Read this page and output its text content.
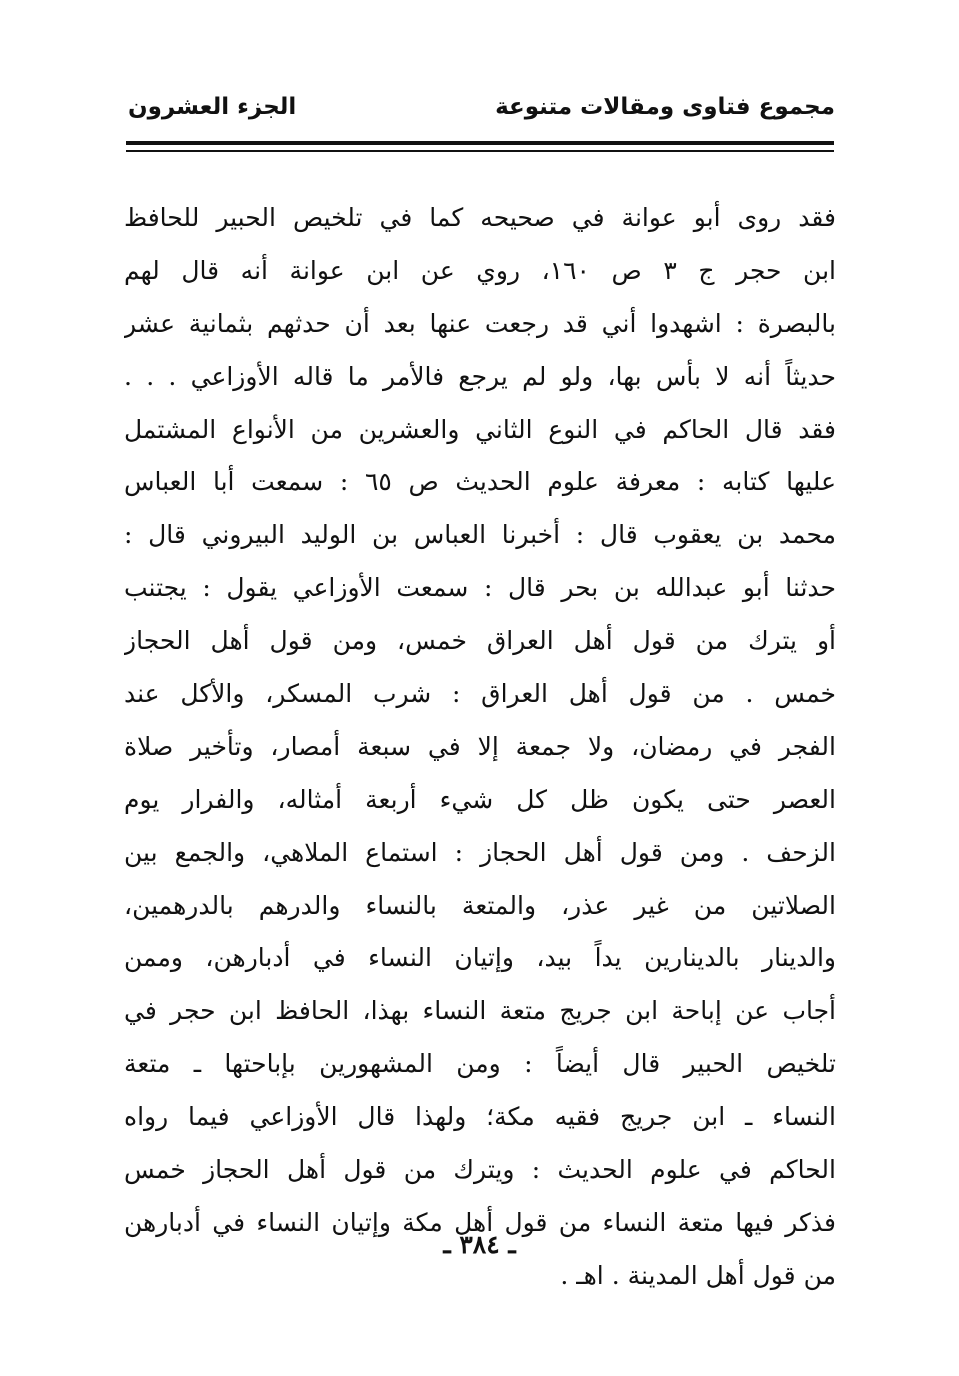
مجموع فتاوى ومقالات متنوعة
الجزء العشرون
فقد روى أبو عوانة في صحيحه كما في تلخيص الحبير للحافظ
ابن حجر ج ٣ ص ١٦٠، روي عن ابن عوانة أنه قال لهم
بالبصرة : اشهدوا أني قد رجعت عنها بعد أن حدثهم بثمانية عشر
حديثاً أنه لا بأس بها، ولو لم يرجع فالأمر ما قاله الأوزاعي . . .
فقد قال الحاكم في النوع الثاني والعشرين من الأنواع المشتمل
عليها كتابه : معرفة علوم الحديث ص ٦٥ : سمعت أبا العباس
محمد بن يعقوب قال : أخبرنا العباس بن الوليد البيروني قال :
حدثنا أبو عبدالله بن بحر قال : سمعت الأوزاعي يقول : يجتنب
أو يترك من قول أهل العراق خمس، ومن قول أهل الحجاز
خمس . من قول أهل العراق : شرب المسكر، والأكل عند
الفجر في رمضان، ولا جمعة إلا في سبعة أمصار، وتأخير صلاة
العصر حتى يكون ظل كل شيء أربعة أمثاله، والفرار يوم
الزحف . ومن قول أهل الحجاز : استماع الملاهي، والجمع بين
الصلاتين من غير عذر، والمتعة بالنساء والدرهم بالدرهمين،
والدينار بالدينارين يداً بيد، وإتيان النساء في أدبارهن، وممن
أجاب عن إباحة ابن جريج متعة النساء بهذا، الحافظ ابن حجر في
تلخيص الحبير قال أيضاً : ومن المشهورين بإباحتها ـ متعة
النساء ـ ابن جريج فقيه مكة؛ ولهذا قال الأوزاعي فيما رواه
الحاكم في علوم الحديث : ويترك من قول أهل الحجاز خمس
فذكر فيها متعة النساء من قول أهل مكة وإتيان النساء في أدبارهن
من قول أهل المدينة . اهـ .
ـ ٣٨٤ ـ
